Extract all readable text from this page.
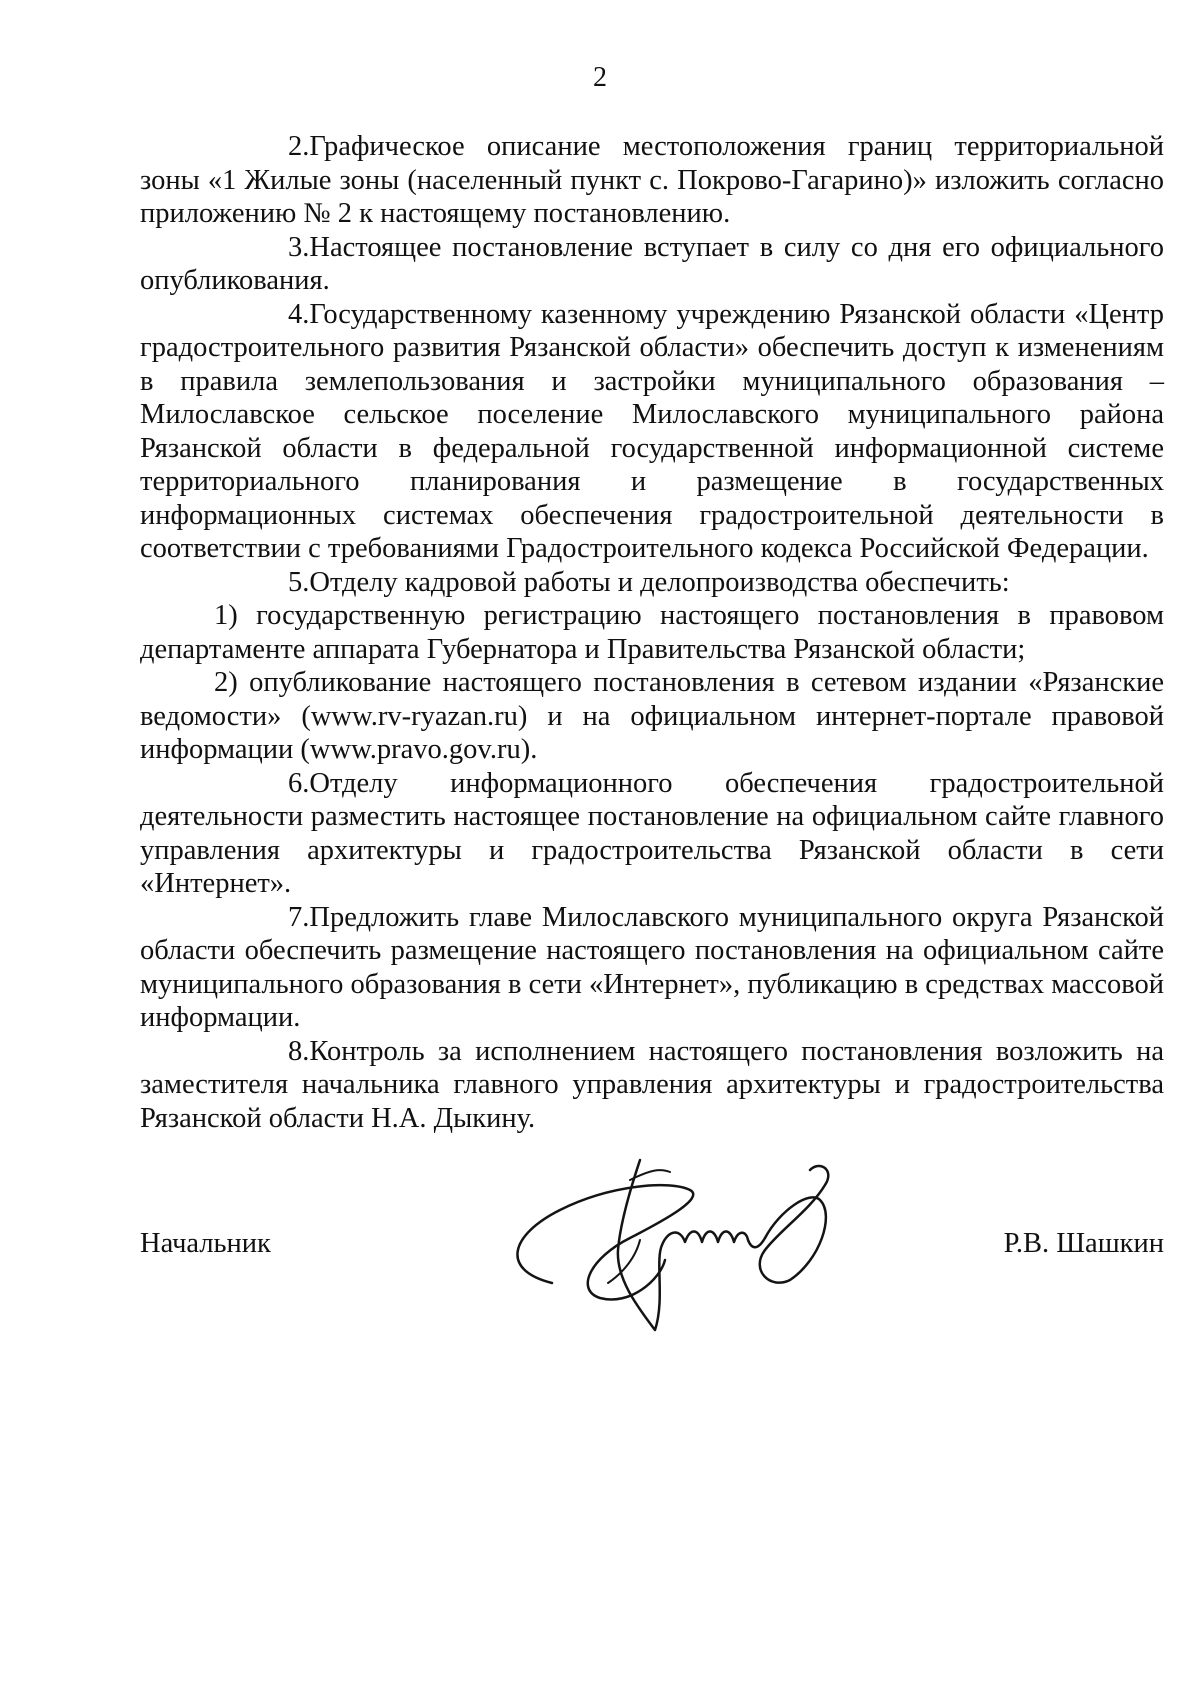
2

2.Графическое описание местоположения границ территориальной зоны «1 Жилые зоны (населенный пункт с. Покрово-Гагарино)» изложить согласно приложению № 2 к настоящему постановлению.

3.Настоящее постановление вступает в силу со дня его официального опубликования.

4.Государственному казенному учреждению Рязанской области «Центр градостроительного развития Рязанской области» обеспечить доступ к изменениям в правила землепользования и застройки муниципального образования – Милославское сельское поселение Милославского муниципального района Рязанской области в федеральной государственной информационной системе территориального планирования и размещение в государственных информационных системах обеспечения градостроительной деятельности в соответствии с требованиями Градостроительного кодекса Российской Федерации.

5.Отделу кадровой работы и делопроизводства обеспечить:

1) государственную регистрацию настоящего постановления в правовом департаменте аппарата Губернатора и Правительства Рязанской области;

2) опубликование настоящего постановления в сетевом издании «Рязанские ведомости» (www.rv-ryazan.ru) и на официальном интернет-портале правовой информации (www.pravo.gov.ru).

6.Отделу информационного обеспечения градостроительной деятельности разместить настоящее постановление на официальном сайте главного управления архитектуры и градостроительства Рязанской области в сети «Интернет».

7.Предложить главе Милославского муниципального округа Рязанской области обеспечить размещение настоящего постановления на официальном сайте муниципального образования в сети «Интернет», публикацию в средствах массовой информации.

8.Контроль за исполнением настоящего постановления возложить на заместителя начальника главного управления архитектуры и градостроительства Рязанской области Н.А. Дыкину.

Начальник	Р.В. Шашкин
